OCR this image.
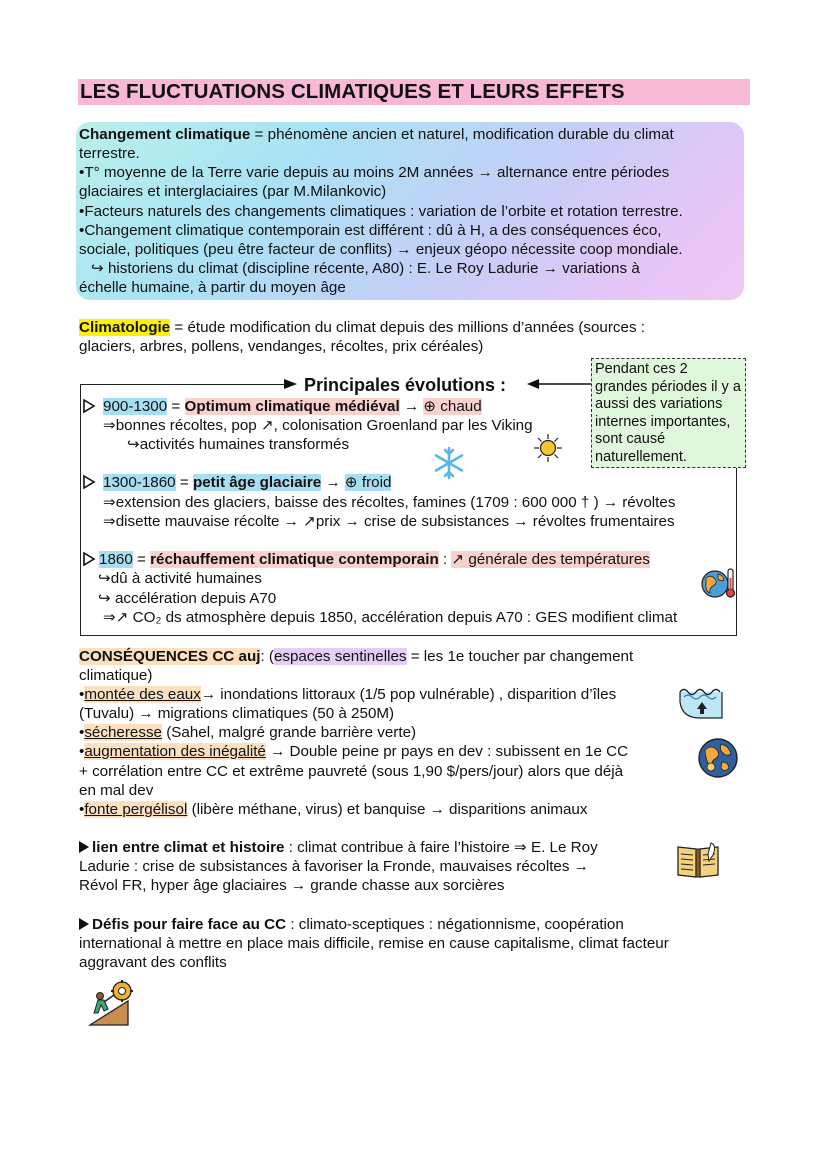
LES FLUCTUATIONS CLIMATIQUES ET LEURS EFFETS
Changement climatique = phénomène ancien et naturel, modification durable du climat
terrestre.
•T° moyenne de la Terre varie depuis au moins 2M années → alternance entre périodes
glaciaires et interglaciaires (par M.Milankovic)
•Facteurs naturels des changements climatiques : variation de l’orbite et rotation terrestre.
•Changement climatique contemporain est différent : dû à H, a des conséquences éco,
sociale, politiques (peu être facteur de conflits) → enjeux géopo nécessite coop mondiale.
↪ historiens du climat (discipline récente, A80) : E. Le Roy Ladurie → variations à
échelle humaine, à partir du moyen âge
Climatologie = étude modification du climat depuis des millions d’années (sources :
glaciers, arbres, pollens, vendanges, récoltes, prix céréales)
Principales évolutions :
Pendant ces 2 grandes périodes il y a aussi des variations internes importantes, sont causé naturellement.
900-1300 = Optimum climatique médiéval → ⊕ chaud
⇒bonnes récoltes, pop ↗, colonisation Groenland par les Viking
↪activités humaines transformés
1300-1860 = petit âge glaciaire → ⊕ froid
⇒extension des glaciers, baisse des récoltes, famines (1709 : 600 000 † ) → révoltes
⇒disette mauvaise récolte → ↗prix → crise de subsistances → révoltes frumentaires
1860 = réchauffement climatique contemporain : ↗ générale des températures
↪dû à activité humaines
↪ accélération depuis A70
⇒↗ CO₂ ds atmosphère depuis 1850, accélération depuis A70 : GES modifient climat
CONSÉQUENCES CC auj: (espaces sentinelles = les 1e toucher par changement
climatique)
•montée des eaux→ inondations littoraux (1/5 pop vulnérable) , disparition d’îles
(Tuvalu) → migrations climatiques (50 à 250M)
•sécheresse (Sahel, malgré grande barrière verte)
•augmentation des inégalité → Double peine pr pays en dev : subissent en 1e CC
+ corrélation entre CC et extrême pauvreté (sous 1,90 $/pers/jour) alors que déjà
en mal dev
•fonte pergélisol (libère méthane, virus) et banquise → disparitions animaux
lien entre climat et histoire : climat contribue à faire l’histoire ⇒ E. Le Roy
Ladurie : crise de subsistances à favoriser la Fronde, mauvaises récoltes →
Révol FR, hyper âge glaciaires → grande chasse aux sorcières
Défis pour faire face au CC : climato-sceptiques : négationnisme, coopération
international à mettre en place mais difficile, remise en cause capitalisme, climat facteur
aggravant des conflits
